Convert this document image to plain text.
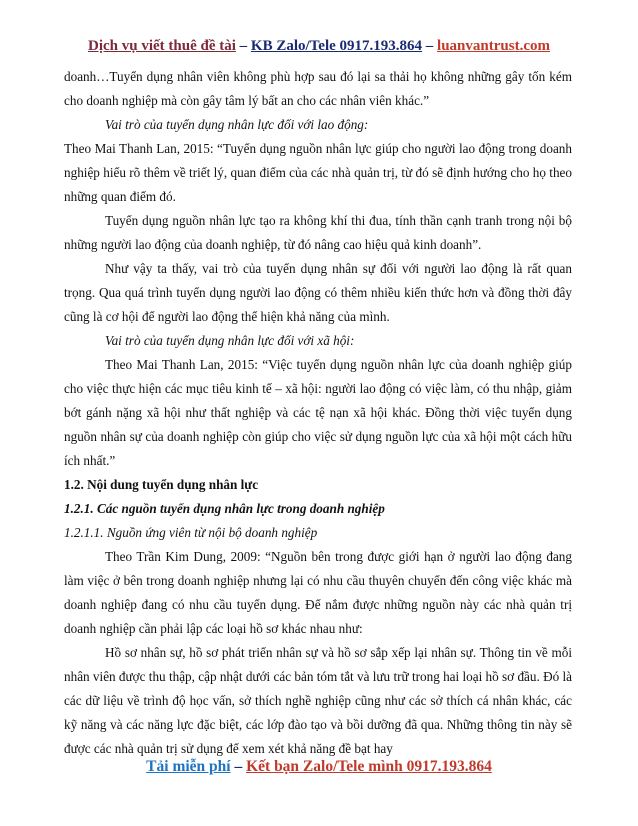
Dịch vụ viết thuê đề tài – KB Zalo/Tele 0917.193.864 – luanvantrust.com

doanh…Tuyển dụng nhân viên không phù hợp sau đó lại sa thải họ không những gây tốn kém cho doanh nghiệp mà còn gây tâm lý bất an cho các nhân viên khác.”

Vai trò của tuyển dụng nhân lực đối với lao động:

Theo Mai Thanh Lan, 2015: “Tuyển dụng nguồn nhân lực giúp cho người lao động trong doanh nghiệp hiểu rõ thêm về triết lý, quan điểm của các nhà quản trị, từ đó sẽ định hướng cho họ theo những quan điểm đó.

Tuyển dụng nguồn nhân lực tạo ra không khí thi đua, tính thần cạnh tranh trong nội bộ những người lao động của doanh nghiệp, từ đó nâng cao hiệu quả kinh doanh”.

Như vậy ta thấy, vai trò của tuyển dụng nhân sự đối với người lao động là rất quan trọng. Qua quá trình tuyển dụng người lao động có thêm nhiều kiến thức hơn và đồng thời đây cũng là cơ hội để người lao động thể hiện khả năng của mình.

Vai trò của tuyển dụng nhân lực đối với xã hội:

Theo Mai Thanh Lan, 2015: “Việc tuyển dụng nguồn nhân lực của doanh nghiệp giúp cho việc thực hiện các mục tiêu kinh tế – xã hội: người lao động có việc làm, có thu nhập, giảm bớt gánh nặng xã hội như thất nghiệp và các tệ nạn xã hội khác. Đồng thời việc tuyển dụng nguồn nhân sự của doanh nghiệp còn giúp cho việc sử dụng nguồn lực của xã hội một cách hữu ích nhất.”

1.2. Nội dung tuyển dụng nhân lực

1.2.1. Các nguồn tuyển dụng nhân lực trong doanh nghiệp

1.2.1.1. Nguồn ứng viên từ nội bộ doanh nghiệp

Theo Trần Kim Dung, 2009: “Nguồn bên trong được giới hạn ở người lao động đang làm việc ở bên trong doanh nghiệp nhưng lại có nhu cầu thuyên chuyển đến công việc khác mà doanh nghiệp đang có nhu cầu tuyển dụng. Để nắm được những nguồn này các nhà quản trị doanh nghiệp cần phải lập các loại hồ sơ khác nhau như:

Hồ sơ nhân sự, hồ sơ phát triển nhân sự và hồ sơ sắp xếp lại nhân sự. Thông tin về mỗi nhân viên được thu thập, cập nhật dưới các bản tóm tắt và lưu trữ trong hai loại hồ sơ đầu. Đó là các dữ liệu về trình độ học vấn, sở thích nghề nghiệp cũng như các sở thích cá nhân khác, các kỹ năng và các năng lực đặc biệt, các lớp đào tạo và bồi dưỡng đã qua. Những thông tin này sẽ được các nhà quản trị sử dụng để xem xét khả năng đề bạt hay

Tải miễn phí – Kết bạn Zalo/Tele mình 0917.193.864
